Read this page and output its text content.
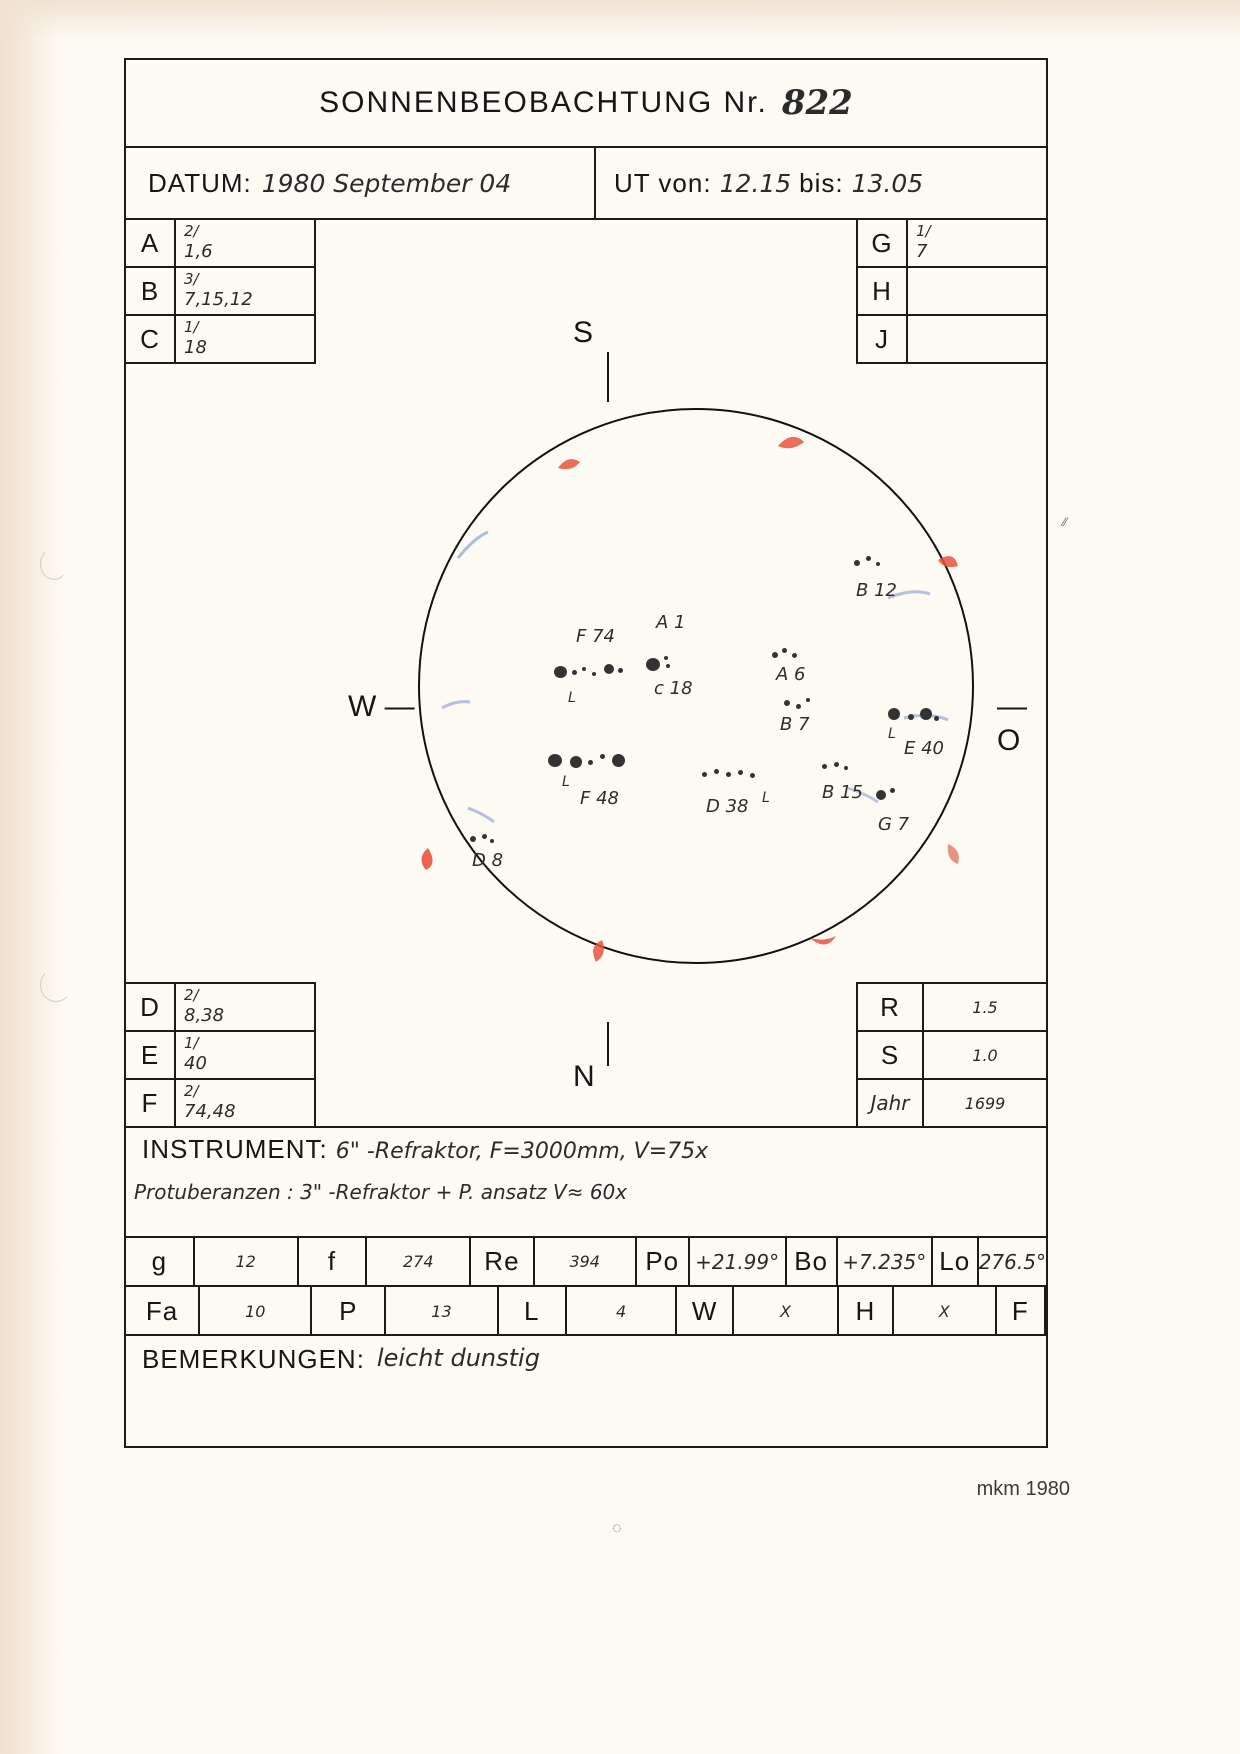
⁄⁄
◌
SONNENBEOBACHTUNG Nr. 822
DATUM: 1980 September 04	UT von: 12.15 bis: 13.05
A	2/
1,6
B	3/
7,15,12
C	1/
18
G	1/
7
H
J
S
N
W —	— O
F 74
A 1
c 18
L
B 12
A 6
B 7	L
E 40
L
F 48	D 38 L	B 15
G 7
D 8
D	2/
8,38
E	1/
40
F	2/
74,48
R	1.5
S	1.0
Jahr	1699
INSTRUMENT: 6" -Refraktor, F=3000mm, V=75x
Protuberanzen : 3" -Refraktor + P. ansatz V≈ 60x
g	12	f	274	Re	394	Po +21.99° Bo +7.235° Lo 276.5°
Fa	10	P	13	L	4	W	X	H	X	F
BEMERKUNGEN: leicht dunstig
mkm 1980
